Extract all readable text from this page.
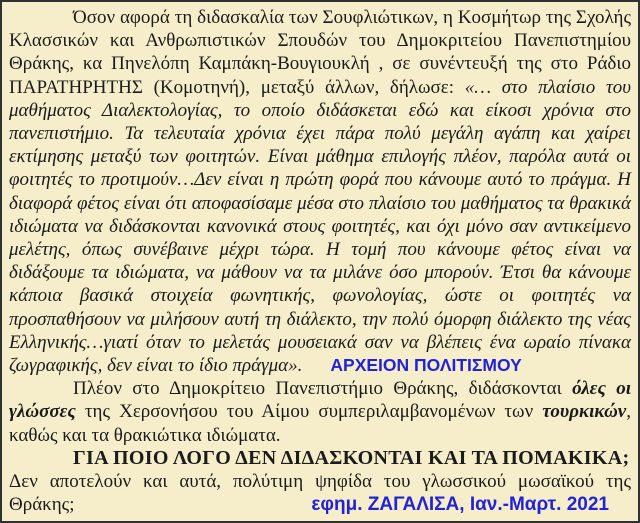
Όσον αφορά τη διδασκαλία των Σουφλιώτικων, η Κοσμήτωρ της Σχολής Κλασσικών και Ανθρωπιστικών Σπουδών του Δημοκριτείου Πανεπιστημίου Θράκης, κα Πηνελόπη Καμπάκη-Βουγιουκλή , σε συνέντευξή της στο Ράδιο ΠΑΡΑΤΗΡΗΤΗΣ (Κομοτηνή), μεταξύ άλλων, δήλωσε: «… στο πλαίσιο του μαθήματος Διαλεκτολογίας, το οποίο διδάσκεται εδώ και είκοσι χρόνια στο πανεπιστήμιο. Τα τελευταία χρόνια έχει πάρα πολύ μεγάλη αγάπη και χαίρει εκτίμησης μεταξύ των φοιτητών. Είναι μάθημα επιλογής πλέον, παρόλα αυτά οι φοιτητές το προτιμούν…Δεν είναι η πρώτη φορά που κάνουμε αυτό το πράγμα. Η διαφορά φέτος είναι ότι αποφασίσαμε μέσα στο πλαίσιο του μαθήματος τα θρακικά ιδιώματα να διδάσκονται κανονικά στους φοιτητές, και όχι μόνο σαν αντικείμενο μελέτης, όπως συνέβαινε μέχρι τώρα. Η τομή που κάνουμε φέτος είναι να διδάξουμε τα ιδιώματα, να μάθουν να τα μιλάνε όσο μπορούν. Έτσι θα κάνουμε κάποια βασικά στοιχεία φωνητικής, φωνολογίας, ώστε οι φοιτητές να προσπαθήσουν να μιλήσουν αυτή τη διάλεκτο, την πολύ όμορφη διάλεκτο της νέας Ελληνικής…γιατί όταν το μελετάς μουσειακά σαν να βλέπεις ένα ωραίο πίνακα ζωγραφικής, δεν είναι το ίδιο πράγμα». ΑΡΧΕΙΟΝ ΠΟΛΙΤΙΣΜΟΥ

Πλέον στο Δημοκρίτειο Πανεπιστήμιο Θράκης, διδάσκονται όλες οι γλώσσες της Χερσονήσου του Αίμου συμπεριλαμβανομένων των τουρκικών, καθώς και τα θρακιώτικα ιδιώματα.

ΓΙΑ ΠΟΙΟ ΛΟΓΟ ΔΕΝ ΔΙΔΑΣΚΟΝΤΑΙ ΚΑΙ ΤΑ ΠΟΜΑΚΙΚΑ;

Δεν αποτελούν και αυτά, πολύτιμη ψηφίδα του γλωσσικού μωσαϊκού της Θράκης;	εφημ. ΖΑΓΑΛΙΣΑ, Ιαν.-Μαρτ. 2021
